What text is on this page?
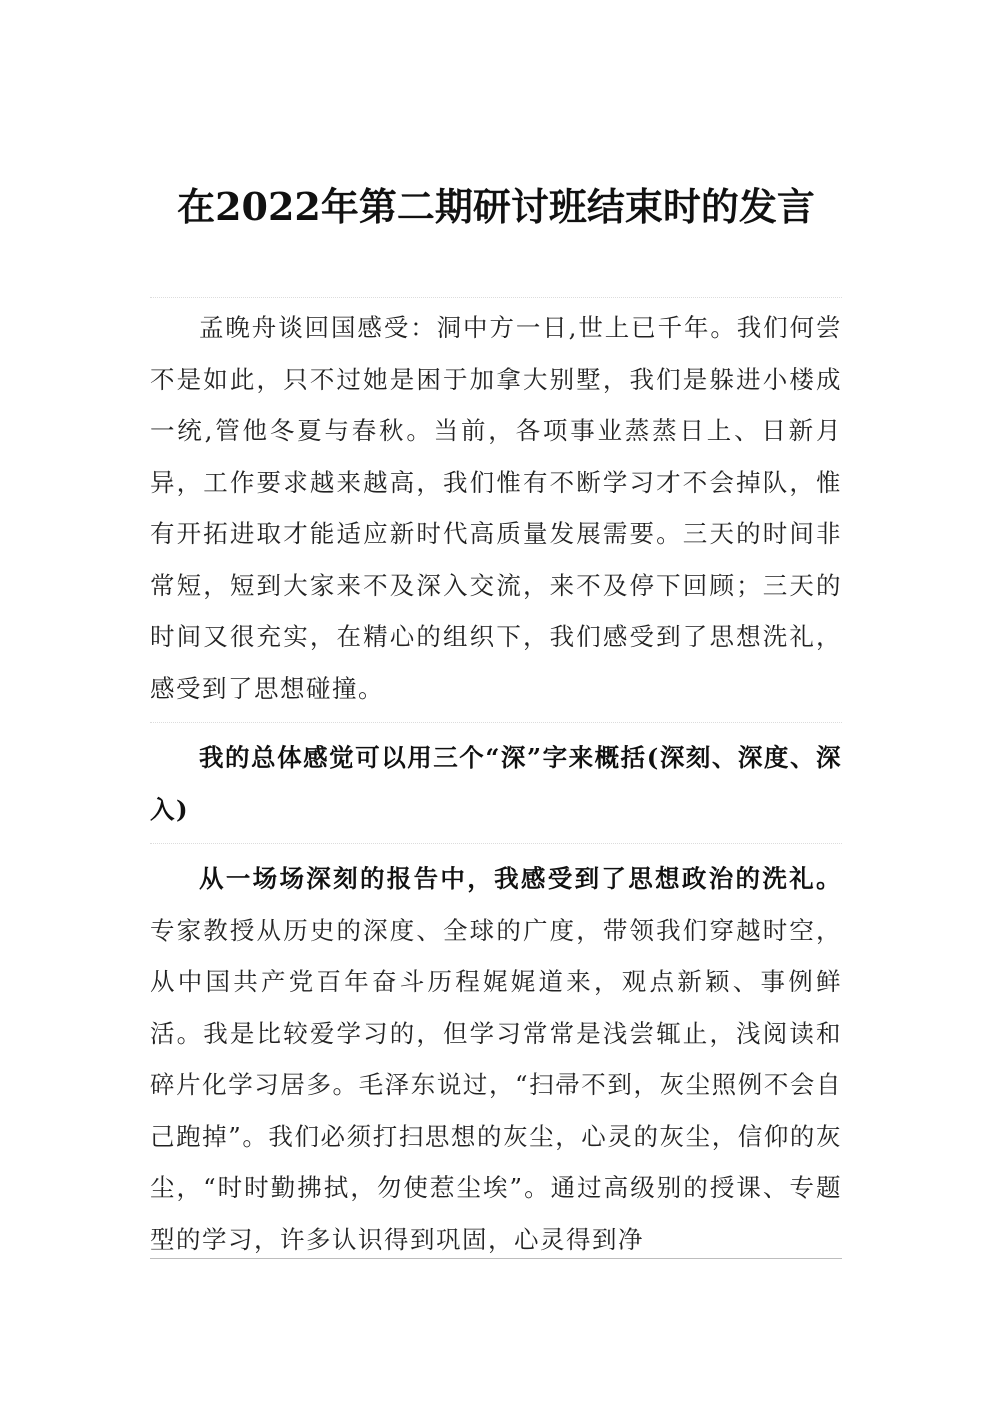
在2022年第二期研讨班结束时的发言

孟晚舟谈回国感受：洞中方一日,世上已千年。我们何尝不是如此，只不过她是困于加拿大别墅，我们是躲进小楼成一统,管他冬夏与春秋。当前，各项事业蒸蒸日上、日新月异，工作要求越来越高，我们惟有不断学习才不会掉队，惟有开拓进取才能适应新时代高质量发展需要。三天的时间非常短，短到大家来不及深入交流，来不及停下回顾；三天的时间又很充实，在精心的组织下，我们感受到了思想洗礼，感受到了思想碰撞。

我的总体感觉可以用三个“深”字来概括(深刻、深度、深入)

从一场场深刻的报告中，我感受到了思想政治的洗礼。专家教授从历史的深度、全球的广度，带领我们穿越时空，从中国共产党百年奋斗历程娓娓道来，观点新颖、事例鲜活。我是比较爱学习的，但学习常常是浅尝辄止，浅阅读和碎片化学习居多。毛泽东说过，“扫帚不到，灰尘照例不会自己跑掉”。我们必须打扫思想的灰尘，心灵的灰尘，信仰的灰尘，“时时勤拂拭，勿使惹尘埃”。通过高级别的授课、专题型的学习，许多认识得到巩固，心灵得到净
